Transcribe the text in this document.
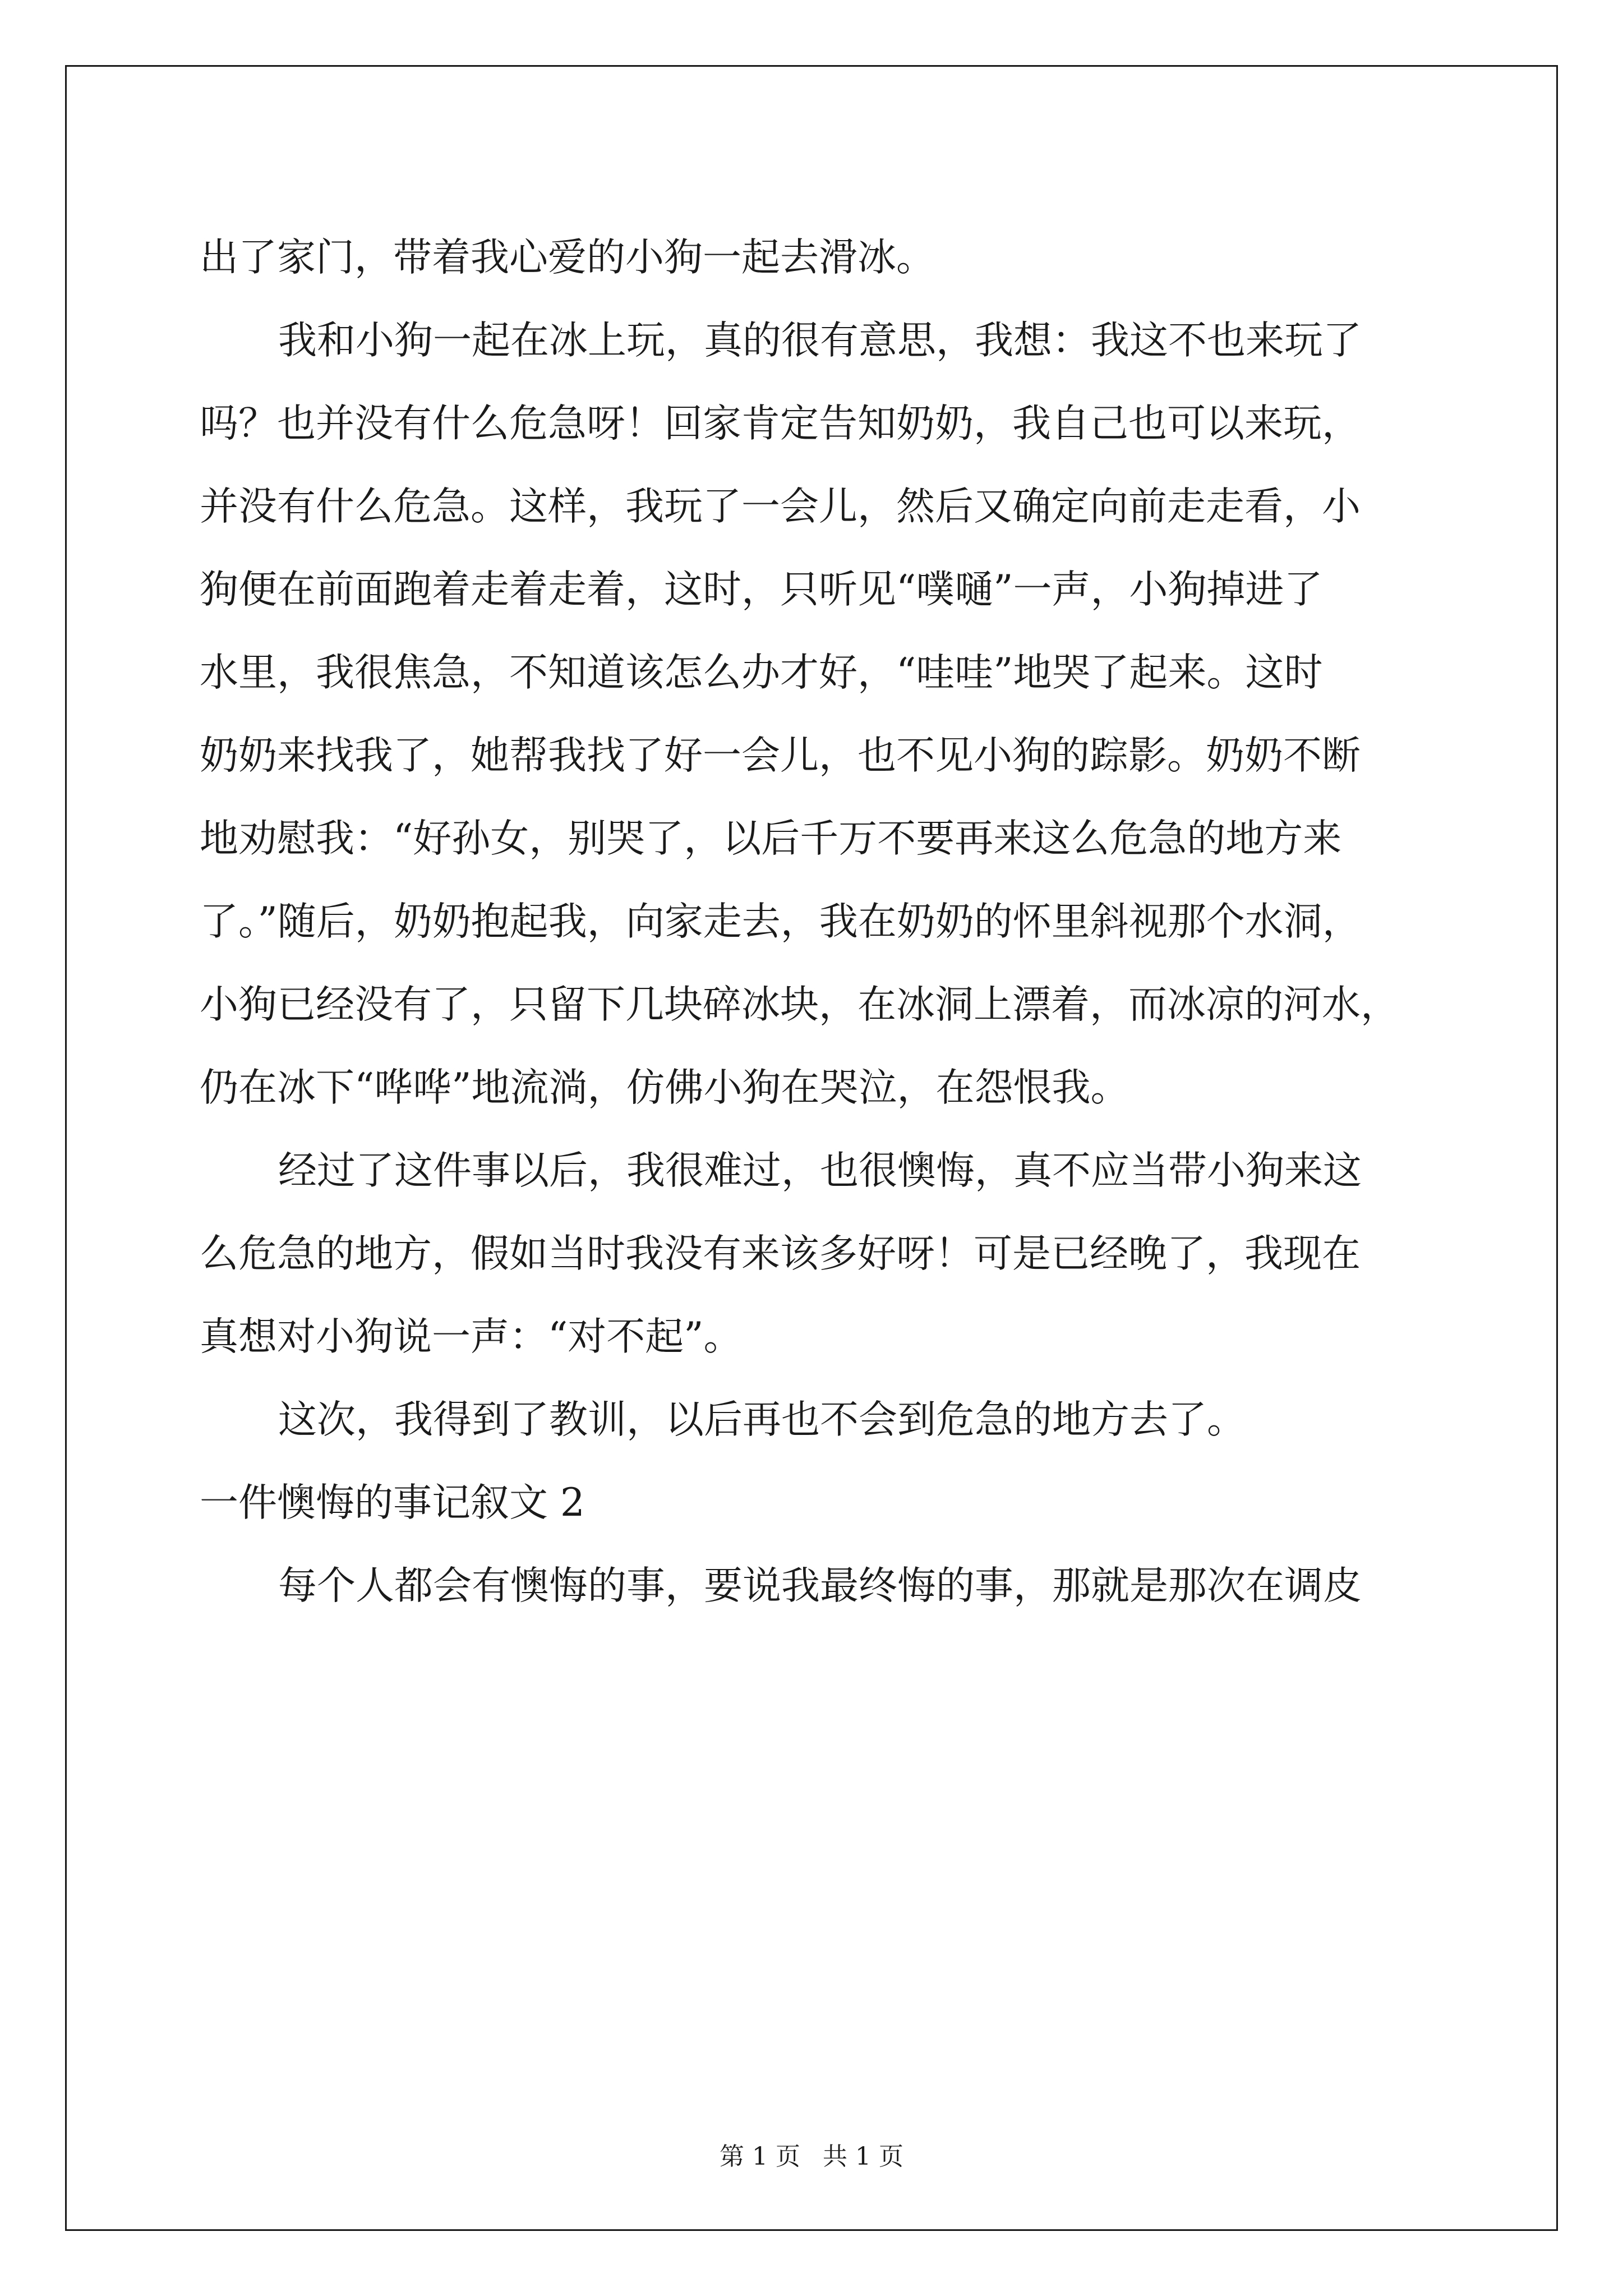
出了家门，带着我心爱的小狗一起去滑冰。
我和小狗一起在冰上玩，真的很有意思，我想：我这不也来玩了
吗？也并没有什么危急呀！回家肯定告知奶奶，我自己也可以来玩，
并没有什么危急。这样，我玩了一会儿，然后又确定向前走走看，小
狗便在前面跑着走着走着，这时，只听见“噗嗵”一声，小狗掉进了
水里，我很焦急，不知道该怎么办才好，“哇哇”地哭了起来。这时
奶奶来找我了，她帮我找了好一会儿，也不见小狗的踪影。奶奶不断
地劝慰我：“好孙女，别哭了，以后千万不要再来这么危急的地方来
了。”随后，奶奶抱起我，向家走去，我在奶奶的怀里斜视那个水洞，
小狗已经没有了，只留下几块碎冰块，在冰洞上漂着，而冰凉的河水，
仍在冰下“哗哗”地流淌，仿佛小狗在哭泣，在怨恨我。
经过了这件事以后，我很难过，也很懊悔，真不应当带小狗来这
么危急的地方，假如当时我没有来该多好呀！可是已经晚了，我现在
真想对小狗说一声：“对不起”。
这次，我得到了教训，以后再也不会到危急的地方去了。
一件懊悔的事记叙文 2
每个人都会有懊悔的事，要说我最终悔的事，那就是那次在调皮
第 1 页 共 1 页
